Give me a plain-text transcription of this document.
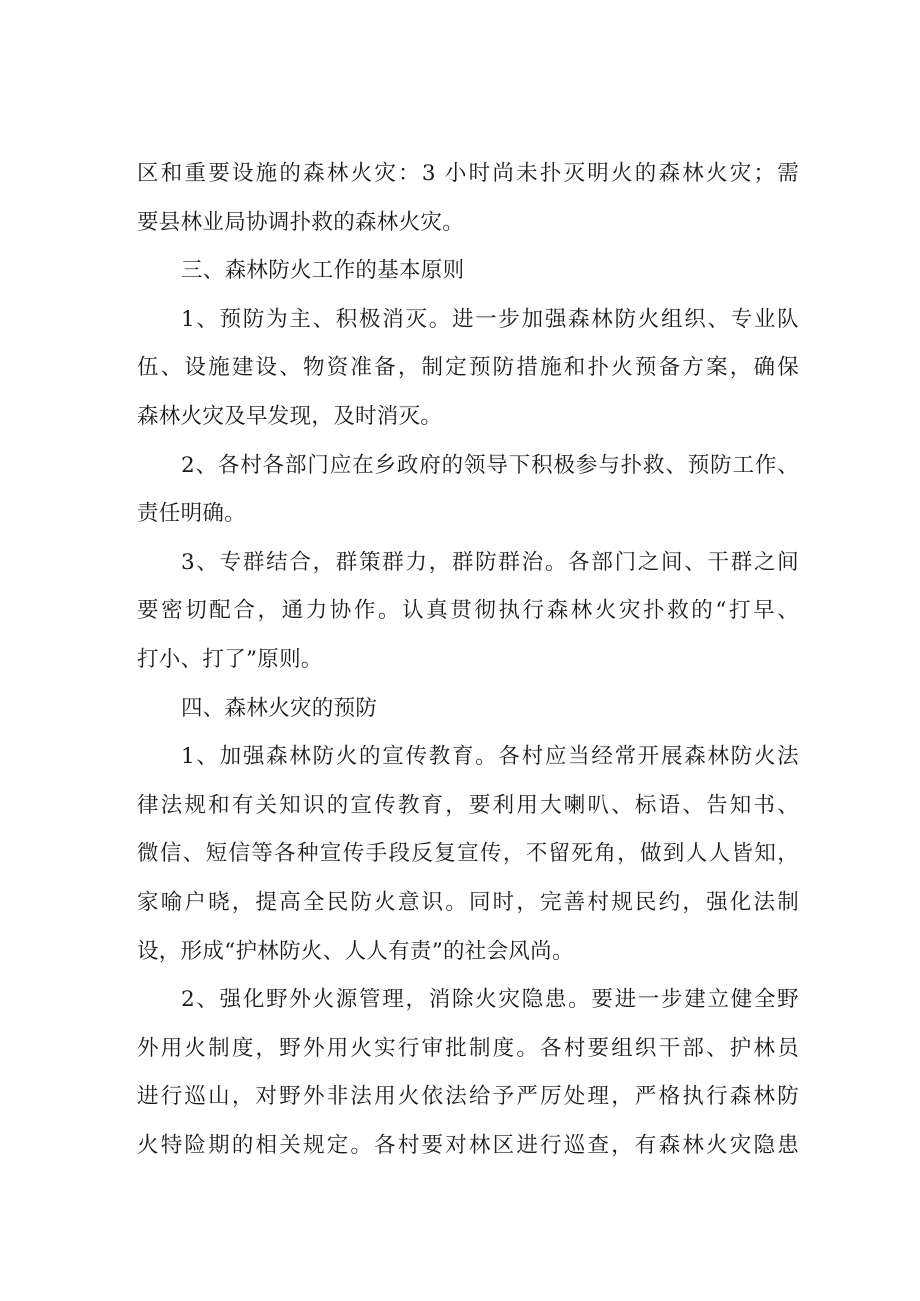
区和重要设施的森林火灾：3 小时尚未扑灭明火的森林火灾；需
要县林业局协调扑救的森林火灾。
三、森林防火工作的基本原则
1、预防为主、积极消灭。进一步加强森林防火组织、专业队
伍、设施建设、物资准备，制定预防措施和扑火预备方案，确保
森林火灾及早发现，及时消灭。
2、各村各部门应在乡政府的领导下积极参与扑救、预防工作、
责任明确。
3、专群结合，群策群力，群防群治。各部门之间、干群之间
要密切配合，通力协作。认真贯彻执行森林火灾扑救的“打早、
打小、打了”原则。
四、森林火灾的预防
1、加强森林防火的宣传教育。各村应当经常开展森林防火法
律法规和有关知识的宣传教育，要利用大喇叭、标语、告知书、
微信、短信等各种宣传手段反复宣传，不留死角，做到人人皆知，
家喻户晓，提高全民防火意识。同时，完善村规民约，强化法制
设，形成“护林防火、人人有责”的社会风尚。
2、强化野外火源管理，消除火灾隐患。要进一步建立健全野
外用火制度，野外用火实行审批制度。各村要组织干部、护林员
进行巡山，对野外非法用火依法给予严厉处理，严格执行森林防
火特险期的相关规定。各村要对林区进行巡查，有森林火灾隐患
